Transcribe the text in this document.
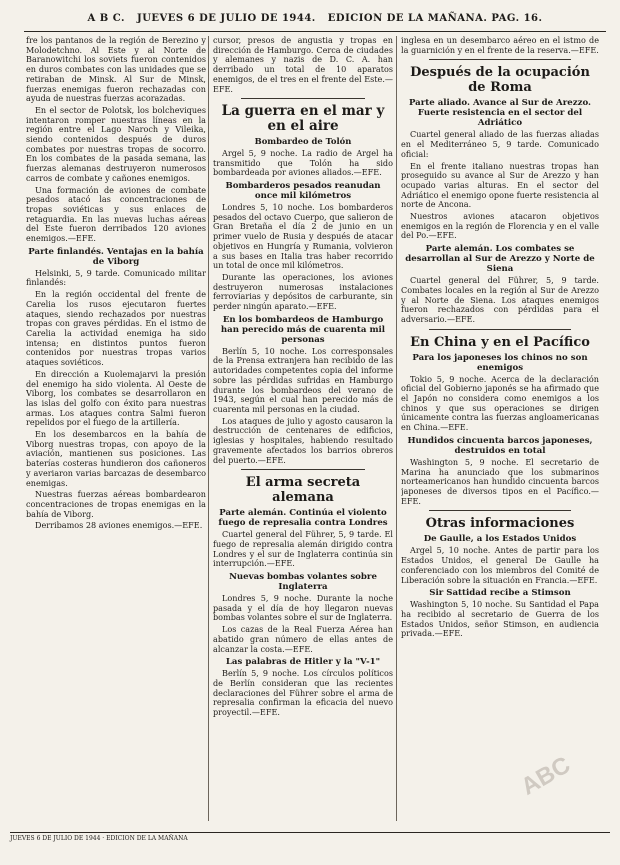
A B C. JUEVES 6 DE JULIO DE 1944. EDICION DE LA MAÑANA. PAG. 16.

fre los pantanos de la región de Berezino y Molodetchno. Al Este y al Norte de Baranowitchi los soviets fueron contenidos en duros combates con las unidades que se retiraban de Minsk. Al Sur de Minsk, fuerzas enemigas fueron rechazadas con ayuda de nuestras fuerzas acorazadas.

En el sector de Polotsk, los bolcheviques intentaron romper nuestras líneas en la región entre el Lago Naroch y Vileika, siendo contenidos después de duros combates por nuestras tropas de socorro. En los combates de la pasada semana, las fuerzas alemanas destruyeron numerosos carros de combate y cañones enemigos.

Una formación de aviones de combate pesados atacó las concentraciones de tropas soviéticas y sus enlaces de retaguardia. En las nuevas luchas aéreas del Este fueron derribados 120 aviones enemigos.—EFE.

Parte finlandés. Ventajas en la bahía de Viborg

Helsinki, 5, 9 tarde. Comunicado militar finlandés:

En la región occidental del frente de Carelia los rusos ejecutaron fuertes ataques, siendo rechazados por nuestras tropas con graves pérdidas. En el istmo de Carelia la actividad enemiga ha sido intensa; en distintos puntos fueron contenidos por nuestras tropas varios ataques soviéticos.

En dirección a Kuolemajarvi la presión del enemigo ha sido violenta. Al Oeste de Viborg, los combates se desarrollaron en las islas del golfo con éxito para nuestras armas. Los ataques contra Salmi fueron repelidos por el fuego de la artillería.

En los desembarcos en la bahía de Viborg nuestras tropas, con apoyo de la aviación, mantienen sus posiciones. Las baterías costeras hundieron dos cañoneros y averiaron varias barcazas de desembarco enemigas.

Nuestras fuerzas aéreas bombardearon concentraciones de tropas enemigas en la bahía de Viborg.

Derribamos 28 aviones enemigos.—EFE.

cursor, presos de angustia y tropas en dirección de Hamburgo. Cerca de ciudades y alemanes y nazis de D. C. A. han derribado un total de 10 aparatos enemigos, de el tres en el frente del Este.—EFE.

La guerra en el mar y en el aire
Bombardeo de Tolón

Argel 5, 9 noche. La radio de Argel ha transmitido que Tolón ha sido bombardeada por aviones aliados.—EFE.

Bombarderos pesados reanudan once mil kilómetros

Londres 5, 10 noche. Los bombarderos pesados del octavo Cuerpo, que salieron de Gran Bretaña el día 2 de junio en un primer vuelo de Rusia y después de atacar objetivos en Hungría y Rumania, volvieron a sus bases en Italia tras haber recorrido un total de once mil kilómetros.

Durante las operaciones, los aviones destruyeron numerosas instalaciones ferroviarias y depósitos de carburante, sin perder ningún aparato.—EFE.

En los bombardeos de Hamburgo han perecido más de cuarenta mil personas

Berlín 5, 10 noche. Los corresponsales de la Prensa extranjera han recibido de las autoridades competentes copia del informe sobre las pérdidas sufridas en Hamburgo durante los bombardeos del verano de 1943, según el cual han perecido más de cuarenta mil personas en la ciudad.

Los ataques de julio y agosto causaron la destrucción de centenares de edificios, iglesias y hospitales, habiendo resultado gravemente afectados los barrios obreros del puerto.—EFE.

El arma secreta alemana
Parte alemán. Continúa el violento fuego de represalia contra Londres

Cuartel general del Führer, 5, 9 tarde. El fuego de represalia alemán dirigido contra Londres y el sur de Inglaterra continúa sin interrupción.—EFE.

Nuevas bombas volantes sobre Inglaterra

Londres 5, 9 noche. Durante la noche pasada y el día de hoy llegaron nuevas bombas volantes sobre el sur de Inglaterra.

Los cazas de la Real Fuerza Aérea han abatido gran número de ellas antes de alcanzar la costa.—EFE.

Las palabras de Hitler y la "V-1"

Berlín 5, 9 noche. Los círculos políticos de Berlín consideran que las recientes declaraciones del Führer sobre el arma de represalia confirman la eficacia del nuevo proyectil.—EFE.

inglesa en un desembarco aéreo en el istmo de la guarnición y en el frente de la reserva.—EFE.

Después de la ocupación de Roma
Parte aliado. Avance al Sur de Arezzo. Fuerte resistencia en el sector del Adriático

Cuartel general aliado de las fuerzas aliadas en el Mediterráneo 5, 9 tarde. Comunicado oficial:

En el frente italiano nuestras tropas han proseguido su avance al Sur de Arezzo y han ocupado varias alturas. En el sector del Adriático el enemigo opone fuerte resistencia al norte de Ancona.

Nuestros aviones atacaron objetivos enemigos en la región de Florencia y en el valle del Po.—EFE.

Parte alemán. Los combates se desarrollan al Sur de Arezzo y Norte de Siena

Cuartel general del Führer, 5, 9 tarde. Combates locales en la región al Sur de Arezzo y al Norte de Siena. Los ataques enemigos fueron rechazados con pérdidas para el adversario.—EFE.

En China y en el Pacífico
Para los japoneses los chinos no son enemigos

Tokio 5, 9 noche. Acerca de la declaración oficial del Gobierno japonés se ha afirmado que el Japón no considera como enemigos a los chinos y que sus operaciones se dirigen únicamente contra las fuerzas angloamericanas en China.—EFE.

Hundidos cincuenta barcos japoneses, destruidos en total

Washington 5, 9 noche. El secretario de Marina ha anunciado que los submarinos norteamericanos han hundido cincuenta barcos japoneses de diversos tipos en el Pacífico.—EFE.

Otras informaciones
De Gaulle, a los Estados Unidos

Argel 5, 10 noche. Antes de partir para los Estados Unidos, el general De Gaulle ha conferenciado con los miembros del Comité de Liberación sobre la situación en Francia.—EFE.

Sir Sattidad recibe a Stimson

Washington 5, 10 noche. Su Santidad el Papa ha recibido al secretario de Guerra de los Estados Unidos, señor Stimson, en audiencia privada.—EFE.

ABC
JUEVES 6 DE JULIO DE 1944 · EDICION DE LA MAÑANA
